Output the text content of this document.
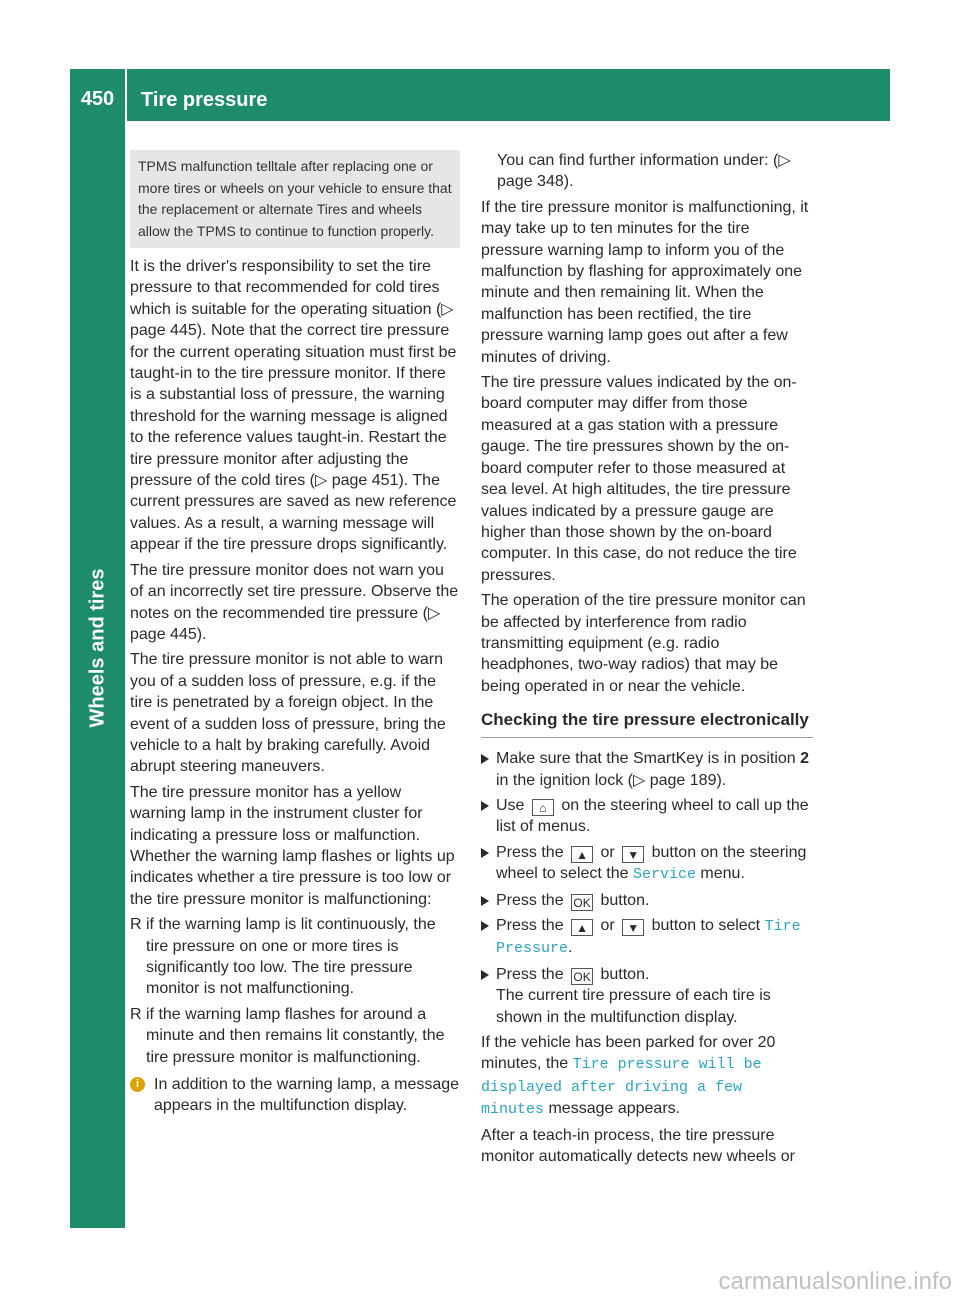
450	Tire pressure
Wheels and tires
TPMS malfunction telltale after replacing one or more tires or wheels on your vehicle to ensure that the replacement or alternate Tires and wheels allow the TPMS to continue to function properly.

It is the driver's responsibility to set the tire pressure to that recommended for cold tires which is suitable for the operating situation (▷ page 445). Note that the correct tire pressure for the current operating situation must first be taught-in to the tire pressure monitor. If there is a substantial loss of pressure, the warning threshold for the warning message is aligned to the reference values taught-in. Restart the tire pressure monitor after adjusting the pressure of the cold tires (▷ page 451). The current pressures are saved as new reference values. As a result, a warning message will appear if the tire pressure drops significantly.

The tire pressure monitor does not warn you of an incorrectly set tire pressure. Observe the notes on the recommended tire pressure (▷ page 445).

The tire pressure monitor is not able to warn you of a sudden loss of pressure, e.g. if the tire is penetrated by a foreign object. In the event of a sudden loss of pressure, bring the vehicle to a halt by braking carefully. Avoid abrupt steering maneuvers.

The tire pressure monitor has a yellow warning lamp in the instrument cluster for indicating a pressure loss or malfunction. Whether the warning lamp flashes or lights up indicates whether a tire pressure is too low or the tire pressure monitor is malfunctioning:

R if the warning lamp is lit continuously, the tire pressure on one or more tires is significantly too low. The tire pressure monitor is not malfunctioning.
R if the warning lamp flashes for around a minute and then remains lit constantly, the tire pressure monitor is malfunctioning.
i In addition to the warning lamp, a message appears in the multifunction display.

You can find further information under: (▷ page 348).

If the tire pressure monitor is malfunctioning, it may take up to ten minutes for the tire pressure warning lamp to inform you of the malfunction by flashing for approximately one minute and then remaining lit. When the malfunction has been rectified, the tire pressure warning lamp goes out after a few minutes of driving.

The tire pressure values indicated by the on-board computer may differ from those measured at a gas station with a pressure gauge. The tire pressures shown by the on-board computer refer to those measured at sea level. At high altitudes, the tire pressure values indicated by a pressure gauge are higher than those shown by the on-board computer. In this case, do not reduce the tire pressures.

The operation of the tire pressure monitor can be affected by interference from radio transmitting equipment (e.g. radio headphones, two-way radios) that may be being operated in or near the vehicle.

Checking the tire pressure electronically
Make sure that the SmartKey is in position 2 in the ignition lock (▷ page 189).
Use ⌂ on the steering wheel to call up the list of menus.
Press the ▲ or ▼ button on the steering wheel to select the Service menu.
Press the OK button.
Press the ▲ or ▼ button to select Tire Pressure.
Press the OK button.
The current tire pressure of each tire is shown in the multifunction display.

If the vehicle has been parked for over 20 minutes, the Tire pressure will be displayed after driving a few minutes message appears.

After a teach-in process, the tire pressure monitor automatically detects new wheels or

carmanualsonline.info
